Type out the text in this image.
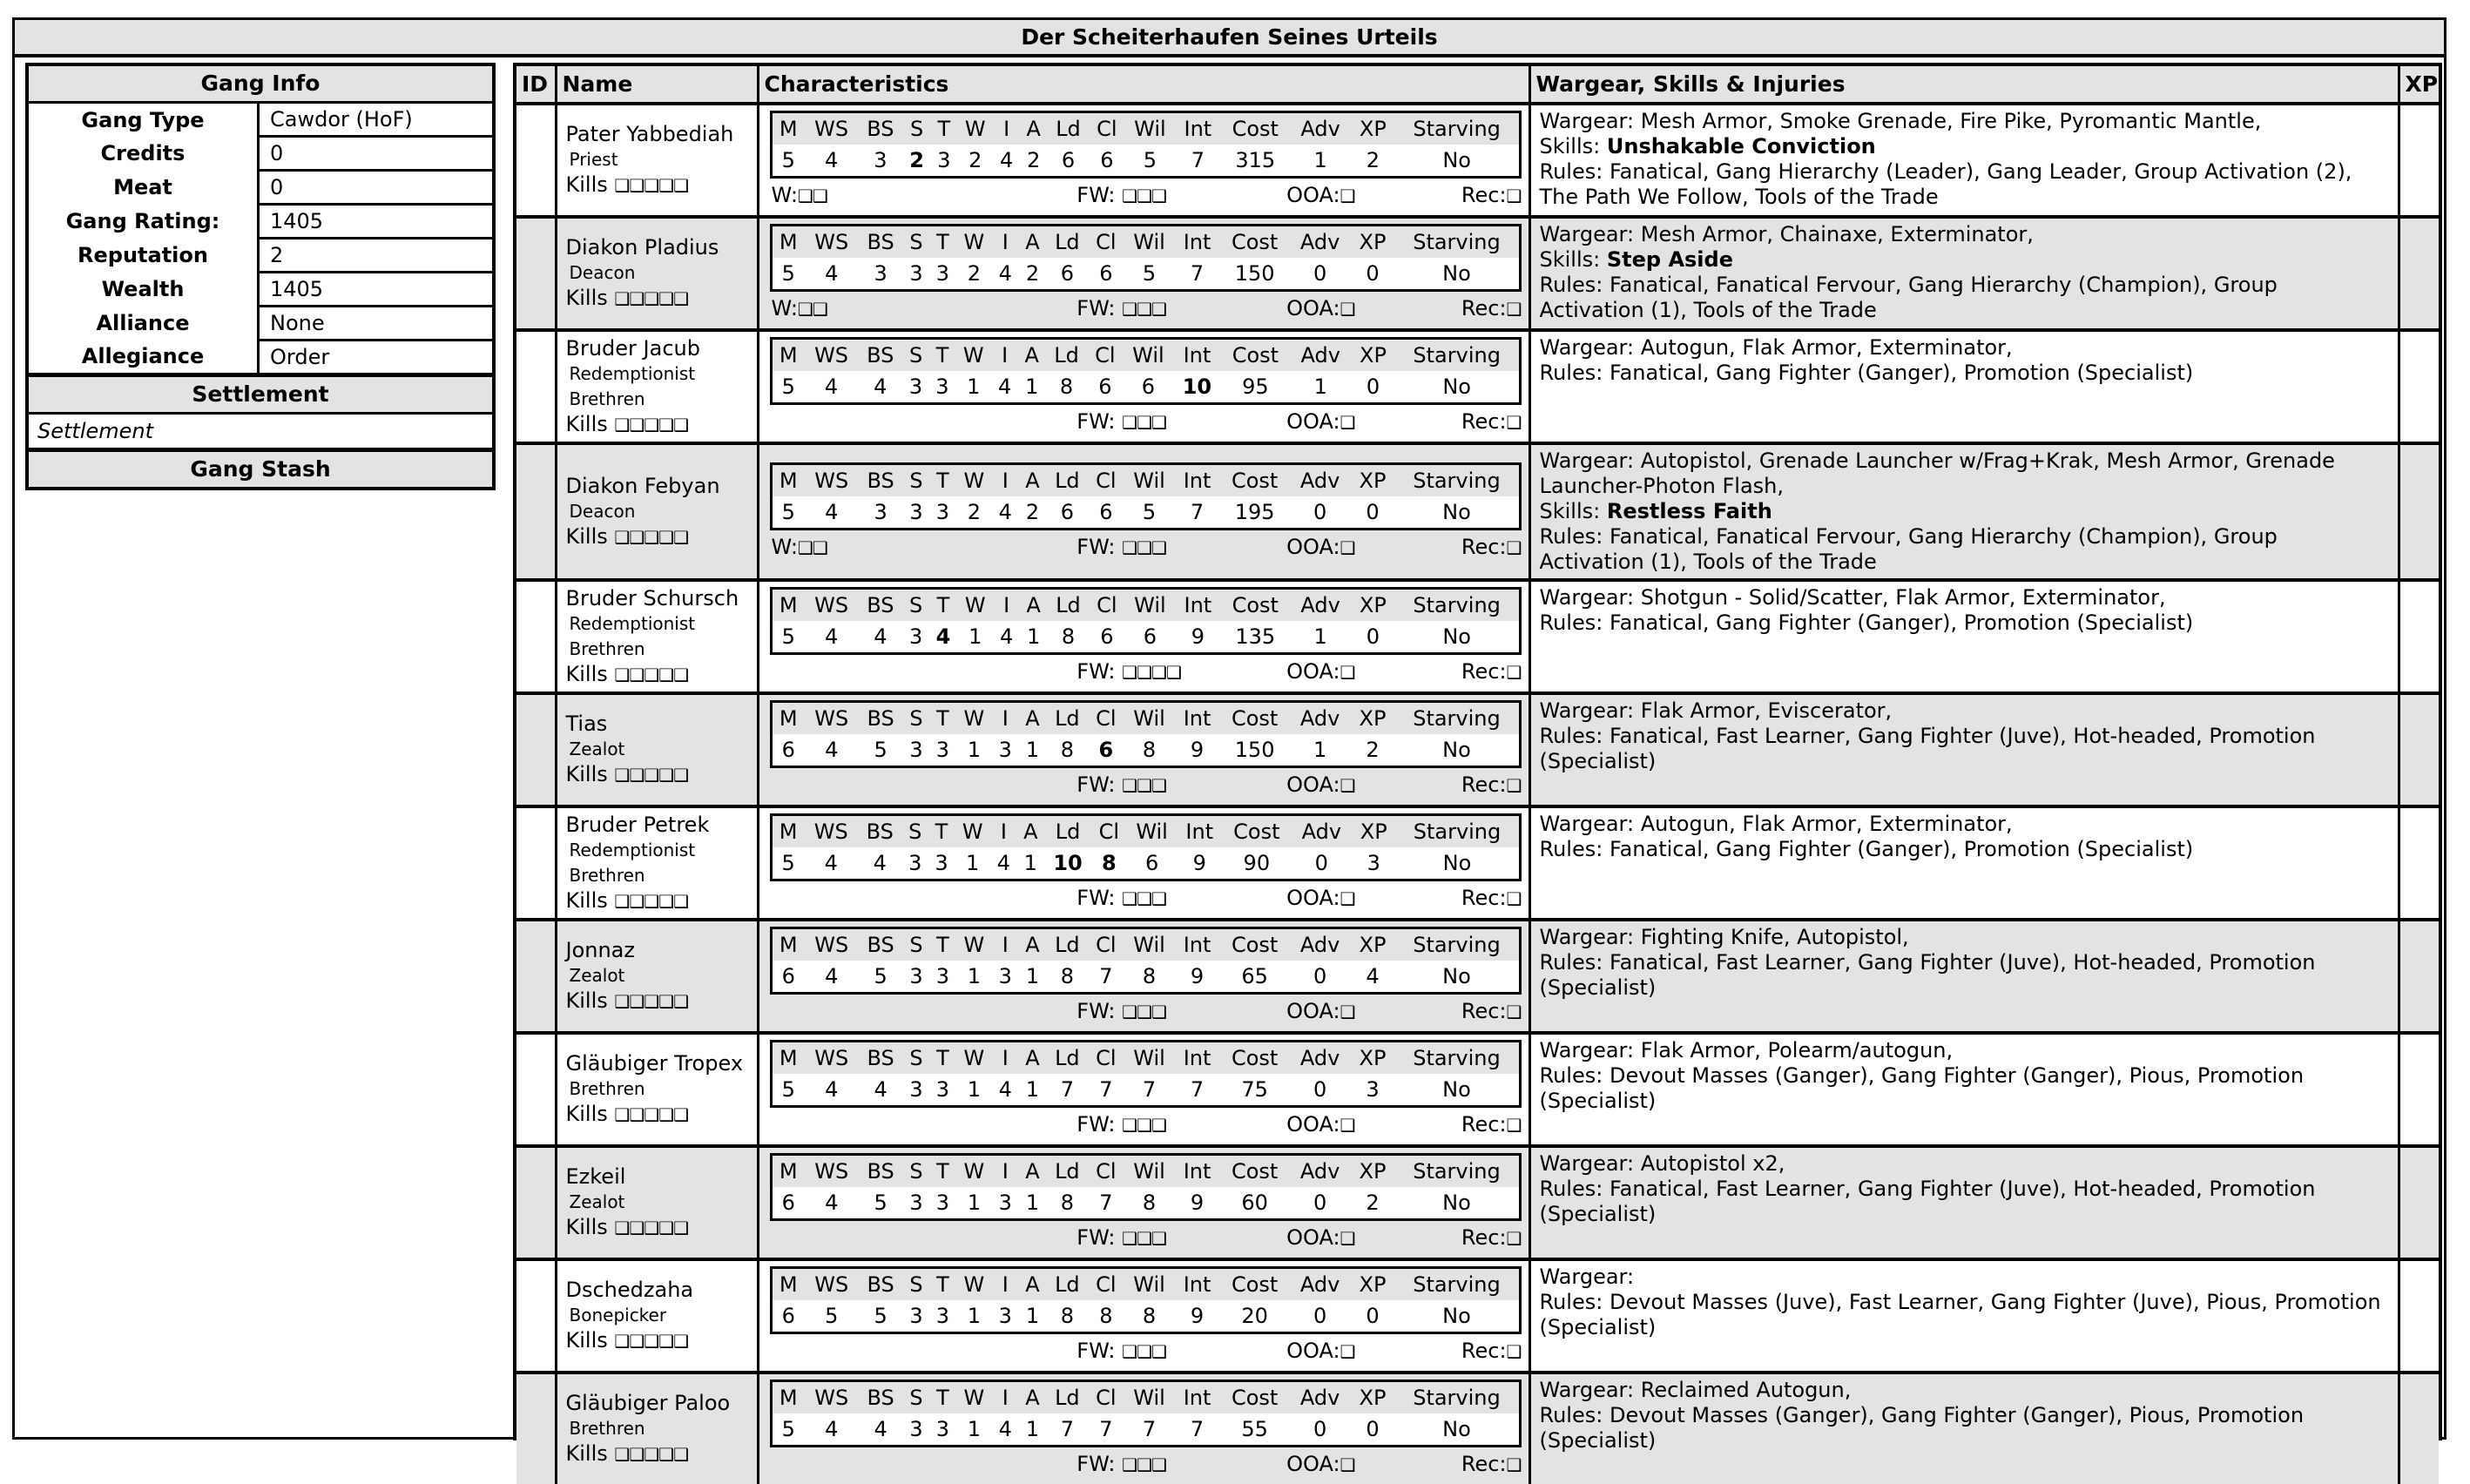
Der Scheiterhaufen Seines Urteils
Gang Info
Gang Type	Cawdor (HoF)
Credits	0
Meat	0
Gang Rating:	1405
Reputation	2
Wealth	1405
Alliance	None
Allegiance	Order
Settlement
Settlement
Gang Stash
ID	Name	Characteristics	Wargear, Skills & Injuries	XP

Pater Yabbediah
Priest
Kills ❑❑❑❑❑

M	WS	BS	S	T	W	I	A	Ld	Cl	Wil	Int	Cost	Adv	XP	Starving
5	4	3	2	3	2	4	2	6	6	5	7	315	1	2	No
W:❑❑	FW: ❑❑❑	OOA:❑	Rec:❑

Wargear: Mesh Armor, Smoke Grenade, Fire Pike, Pyromantic Mantle,
Skills: Unshakable Conviction
Rules: Fanatical, Gang Hierarchy (Leader), Gang Leader, Group Activation (2), The Path We Follow, Tools of the Trade

Diakon Pladius
Deacon
Kills ❑❑❑❑❑

M	WS	BS	S	T	W	I	A	Ld	Cl	Wil	Int	Cost	Adv	XP	Starving
5	4	3	3	3	2	4	2	6	6	5	7	150	0	0	No
W:❑❑	FW: ❑❑❑	OOA:❑	Rec:❑

Wargear: Mesh Armor, Chainaxe, Exterminator,
Skills: Step Aside
Rules: Fanatical, Fanatical Fervour, Gang Hierarchy (Champion), Group Activation (1), Tools of the Trade

Bruder Jacub
Redemptionist Brethren
Kills ❑❑❑❑❑

M	WS	BS	S	T	W	I	A	Ld	Cl	Wil	Int	Cost	Adv	XP	Starving
5	4	4	3	3	1	4	1	8	6	6	10	95	1	0	No
FW: ❑❑❑	OOA:❑	Rec:❑

Wargear: Autogun, Flak Armor, Exterminator,
Rules: Fanatical, Gang Fighter (Ganger), Promotion (Specialist)

Diakon Febyan
Deacon
Kills ❑❑❑❑❑

M	WS	BS	S	T	W	I	A	Ld	Cl	Wil	Int	Cost	Adv	XP	Starving
5	4	3	3	3	2	4	2	6	6	5	7	195	0	0	No
W:❑❑	FW: ❑❑❑	OOA:❑	Rec:❑

Wargear: Autopistol, Grenade Launcher w/Frag+Krak, Mesh Armor, Grenade Launcher-Photon Flash,
Skills: Restless Faith
Rules: Fanatical, Fanatical Fervour, Gang Hierarchy (Champion), Group Activation (1), Tools of the Trade

Bruder Schursch
Redemptionist Brethren
Kills ❑❑❑❑❑

M	WS	BS	S	T	W	I	A	Ld	Cl	Wil	Int	Cost	Adv	XP	Starving
5	4	4	3	4	1	4	1	8	6	6	9	135	1	0	No
FW: ❑❑❑❑	OOA:❑	Rec:❑

Wargear: Shotgun - Solid/Scatter, Flak Armor, Exterminator,
Rules: Fanatical, Gang Fighter (Ganger), Promotion (Specialist)

Tias
Zealot
Kills ❑❑❑❑❑

M	WS	BS	S	T	W	I	A	Ld	Cl	Wil	Int	Cost	Adv	XP	Starving
6	4	5	3	3	1	3	1	8	6	8	9	150	1	2	No
FW: ❑❑❑	OOA:❑	Rec:❑

Wargear: Flak Armor, Eviscerator,
Rules: Fanatical, Fast Learner, Gang Fighter (Juve), Hot-headed, Promotion (Specialist)

Bruder Petrek
Redemptionist Brethren
Kills ❑❑❑❑❑

M	WS	BS	S	T	W	I	A	Ld	Cl	Wil	Int	Cost	Adv	XP	Starving
5	4	4	3	3	1	4	1	10	8	6	9	90	0	3	No
FW: ❑❑❑	OOA:❑	Rec:❑

Wargear: Autogun, Flak Armor, Exterminator,
Rules: Fanatical, Gang Fighter (Ganger), Promotion (Specialist)

Jonnaz
Zealot
Kills ❑❑❑❑❑

M	WS	BS	S	T	W	I	A	Ld	Cl	Wil	Int	Cost	Adv	XP	Starving
6	4	5	3	3	1	3	1	8	7	8	9	65	0	4	No
FW: ❑❑❑	OOA:❑	Rec:❑

Wargear: Fighting Knife, Autopistol,
Rules: Fanatical, Fast Learner, Gang Fighter (Juve), Hot-headed, Promotion (Specialist)

Gläubiger Tropex
Brethren
Kills ❑❑❑❑❑

M	WS	BS	S	T	W	I	A	Ld	Cl	Wil	Int	Cost	Adv	XP	Starving
5	4	4	3	3	1	4	1	7	7	7	7	75	0	3	No
FW: ❑❑❑	OOA:❑	Rec:❑

Wargear: Flak Armor, Polearm/autogun,
Rules: Devout Masses (Ganger), Gang Fighter (Ganger), Pious, Promotion (Specialist)

Ezkeil
Zealot
Kills ❑❑❑❑❑

M	WS	BS	S	T	W	I	A	Ld	Cl	Wil	Int	Cost	Adv	XP	Starving
6	4	5	3	3	1	3	1	8	7	8	9	60	0	2	No
FW: ❑❑❑	OOA:❑	Rec:❑

Wargear: Autopistol x2,
Rules: Fanatical, Fast Learner, Gang Fighter (Juve), Hot-headed, Promotion (Specialist)

Dschedzaha
Bonepicker
Kills ❑❑❑❑❑

M	WS	BS	S	T	W	I	A	Ld	Cl	Wil	Int	Cost	Adv	XP	Starving
6	5	5	3	3	1	3	1	8	8	8	9	20	0	0	No
FW: ❑❑❑	OOA:❑	Rec:❑

Wargear:
Rules: Devout Masses (Juve), Fast Learner, Gang Fighter (Juve), Pious, Promotion (Specialist)

Gläubiger Paloo
Brethren
Kills ❑❑❑❑❑

M	WS	BS	S	T	W	I	A	Ld	Cl	Wil	Int	Cost	Adv	XP	Starving
5	4	4	3	3	1	4	1	7	7	7	7	55	0	0	No
FW: ❑❑❑	OOA:❑	Rec:❑

Wargear: Reclaimed Autogun,
Rules: Devout Masses (Ganger), Gang Fighter (Ganger), Pious, Promotion (Specialist)
